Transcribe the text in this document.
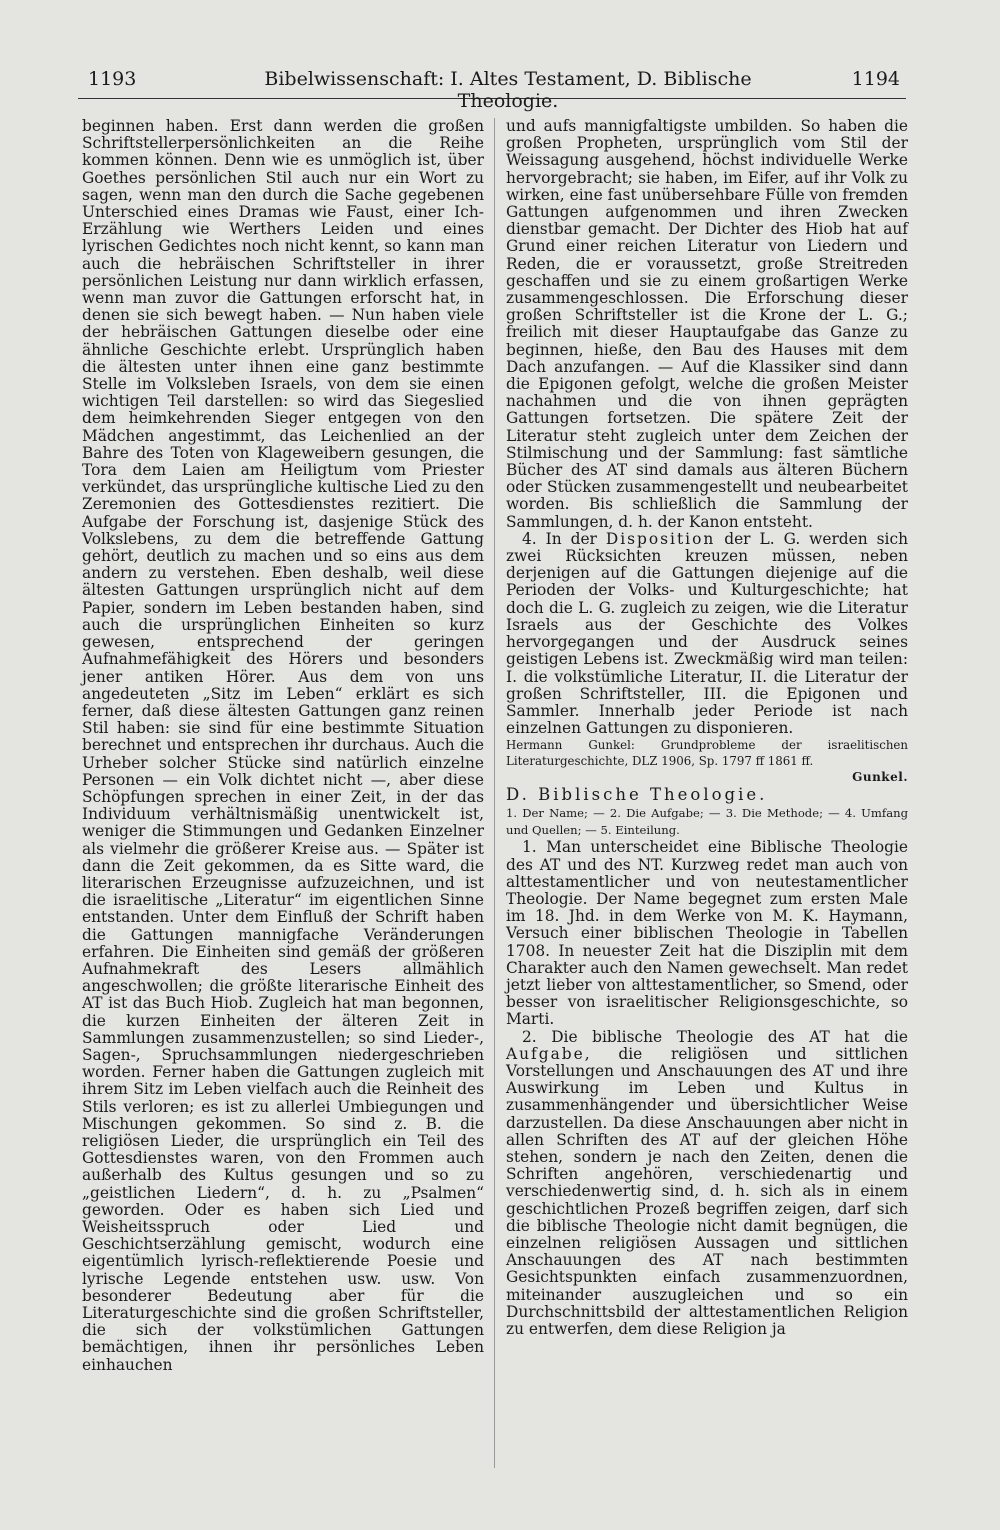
1193	Bibelwissenschaft: I. Altes Testament, D. Biblische Theologie.
1194

beginnen haben. Erst dann werden die großen Schriftstellerpersönlichkeiten an die Reihe kommen können. Denn wie es unmöglich ist, über Goethes persönlichen Stil auch nur ein Wort zu sagen, wenn man den durch die Sache gegebenen Unterschied eines Dramas wie Faust, einer Ich-Erzählung wie Werthers Leiden und eines lyrischen Gedichtes noch nicht kennt, so kann man auch die hebräischen Schriftsteller in ihrer persönlichen Leistung nur dann wirklich erfassen, wenn man zuvor die Gattungen erforscht hat, in denen sie sich bewegt haben. — Nun haben viele der hebräischen Gattungen dieselbe oder eine ähnliche Geschichte erlebt. Ursprünglich haben die ältesten unter ihnen eine ganz bestimmte Stelle im Volksleben Israels, von dem sie einen wichtigen Teil darstellen: so wird das Siegeslied dem heimkehrenden Sieger entgegen von den Mädchen angestimmt, das Leichenlied an der Bahre des Toten von Klageweibern gesungen, die Tora dem Laien am Heiligtum vom Priester verkündet, das ursprüngliche kultische Lied zu den Zeremonien des Gottesdienstes rezitiert. Die Aufgabe der Forschung ist, dasjenige Stück des Volkslebens, zu dem die betreffende Gattung gehört, deutlich zu machen und so eins aus dem andern zu verstehen. Eben deshalb, weil diese ältesten Gattungen ursprünglich nicht auf dem Papier, sondern im Leben bestanden haben, sind auch die ursprünglichen Einheiten so kurz gewesen, entsprechend der geringen Aufnahmefähigkeit des Hörers und besonders jener antiken Hörer. Aus dem von uns angedeuteten „Sitz im Leben“ erklärt es sich ferner, daß diese ältesten Gattungen ganz reinen Stil haben: sie sind für eine bestimmte Situation berechnet und entsprechen ihr durchaus. Auch die Urheber solcher Stücke sind natürlich einzelne Personen — ein Volk dichtet nicht —, aber diese Schöpfungen sprechen in einer Zeit, in der das Individuum verhältnismäßig unentwickelt ist, weniger die Stimmungen und Gedanken Einzelner als vielmehr die größerer Kreise aus. — Später ist dann die Zeit gekommen, da es Sitte ward, die literarischen Erzeugnisse aufzuzeichnen, und ist die israelitische „Literatur“ im eigentlichen Sinne entstanden. Unter dem Einfluß der Schrift haben die Gattungen mannigfache Veränderungen erfahren. Die Einheiten sind gemäß der größeren Aufnahmekraft des Lesers allmählich angeschwollen; die größte literarische Einheit des AT ist das Buch Hiob. Zugleich hat man begonnen, die kurzen Einheiten der älteren Zeit in Sammlungen zusammenzustellen; so sind Lieder-, Sagen-, Spruchsammlungen niedergeschrieben worden. Ferner haben die Gattungen zugleich mit ihrem Sitz im Leben vielfach auch die Reinheit des Stils verloren; es ist zu allerlei Umbiegungen und Mischungen gekommen. So sind z. B. die religiösen Lieder, die ursprünglich ein Teil des Gottesdienstes waren, von den Frommen auch außerhalb des Kultus gesungen und so zu „geistlichen Liedern“, d. h. zu „Psalmen“ geworden. Oder es haben sich Lied und Weisheitsspruch oder Lied und Geschichtserzählung gemischt, wodurch eine eigentümlich lyrisch-reflektierende Poesie und lyrische Legende entstehen usw. usw. Von besonderer Bedeutung aber für die Literaturgeschichte sind die großen Schriftsteller, die sich der volkstümlichen Gattungen bemächtigen, ihnen ihr persönliches Leben einhauchen

und aufs mannigfaltigste umbilden. So haben die großen Propheten, ursprünglich vom Stil der Weissagung ausgehend, höchst individuelle Werke hervorgebracht; sie haben, im Eifer, auf ihr Volk zu wirken, eine fast unübersehbare Fülle von fremden Gattungen aufgenommen und ihren Zwecken dienstbar gemacht. Der Dichter des Hiob hat auf Grund einer reichen Literatur von Liedern und Reden, die er voraussetzt, große Streitreden geschaffen und sie zu einem großartigen Werke zusammengeschlossen. Die Erforschung dieser großen Schriftsteller ist die Krone der L. G.; freilich mit dieser Hauptaufgabe das Ganze zu beginnen, hieße, den Bau des Hauses mit dem Dach anzufangen. — Auf die Klassiker sind dann die Epigonen gefolgt, welche die großen Meister nachahmen und die von ihnen geprägten Gattungen fortsetzen. Die spätere Zeit der Literatur steht zugleich unter dem Zeichen der Stilmischung und der Sammlung: fast sämtliche Bücher des AT sind damals aus älteren Büchern oder Stücken zusammengestellt und neubearbeitet worden. Bis schließlich die Sammlung der Sammlungen, d. h. der Kanon entsteht.

4. In der Disposition der L. G. werden sich zwei Rücksichten kreuzen müssen, neben derjenigen auf die Gattungen diejenige auf die Perioden der Volks- und Kulturgeschichte; hat doch die L. G. zugleich zu zeigen, wie die Literatur Israels aus der Geschichte des Volkes hervorgegangen und der Ausdruck seines geistigen Lebens ist. Zweckmäßig wird man teilen: I. die volkstümliche Literatur, II. die Literatur der großen Schriftsteller, III. die Epigonen und Sammler. Innerhalb jeder Periode ist nach einzelnen Gattungen zu disponieren.

Hermann Gunkel: Grundprobleme der israelitischen Literaturgeschichte, DLZ 1906, Sp. 1797 ff 1861 ff.

Gunkel.

D. Biblische Theologie.

1. Der Name; — 2. Die Aufgabe; — 3. Die Methode; — 4. Umfang und Quellen; — 5. Einteilung.

1. Man unterscheidet eine Biblische Theologie des AT und des NT. Kurzweg redet man auch von alttestamentlicher und von neutestamentlicher Theologie. Der Name begegnet zum ersten Male im 18. Jhd. in dem Werke von M. K. Haymann, Versuch einer biblischen Theologie in Tabellen 1708. In neuester Zeit hat die Disziplin mit dem Charakter auch den Namen gewechselt. Man redet jetzt lieber von alttestamentlicher, so Smend, oder besser von israelitischer Religionsgeschichte, so Marti.

2. Die biblische Theologie des AT hat die Aufgabe, die religiösen und sittlichen Vorstellungen und Anschauungen des AT und ihre Auswirkung im Leben und Kultus in zusammenhängender und übersichtlicher Weise darzustellen. Da diese Anschauungen aber nicht in allen Schriften des AT auf der gleichen Höhe stehen, sondern je nach den Zeiten, denen die Schriften angehören, verschiedenartig und verschiedenwertig sind, d. h. sich als in einem geschichtlichen Prozeß begriffen zeigen, darf sich die biblische Theologie nicht damit begnügen, die einzelnen religiösen Aussagen und sittlichen Anschauungen des AT nach bestimmten Gesichtspunkten einfach zusammenzuordnen, miteinander auszugleichen und so ein Durchschnittsbild der alttestamentlichen Religion zu entwerfen, dem diese Religion ja
